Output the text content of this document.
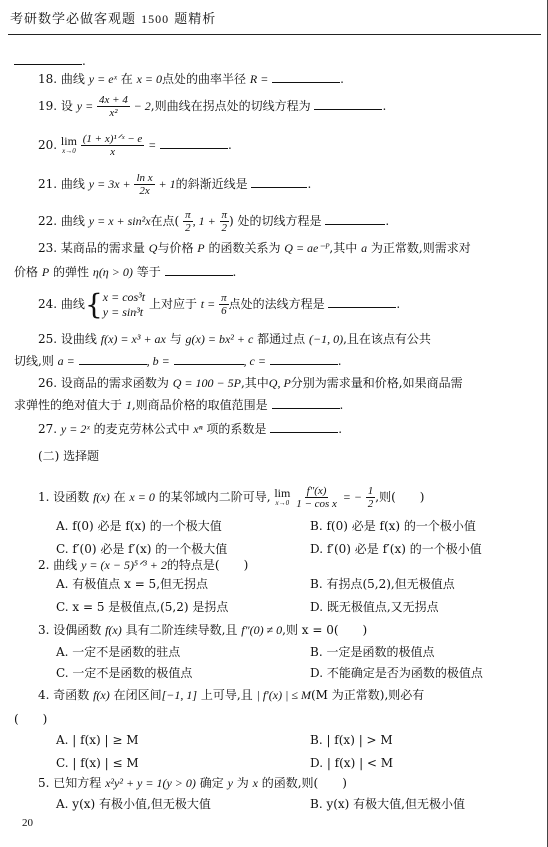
考研数学必做客观题 1500 题精析
.
18. 曲线 y = eˣ 在 x = 0点处的曲率半径 R =	.
19. 设 $y = \frac{4x + 4}{\text{x²}} - 2$,则曲线在拐点处的切线方程为	.
20. lim
x→0
$\frac{\text{(1 + x)¹ᐟˣ − e}}{x}$ =	.
21. 曲线 $y = 3x + \frac{\text{ln x}}{2x} + 1$的斜渐近线是	.
22. 曲线 y = x + sin²x在点( $\frac{\pi}{2}$ , $1 + \frac{\pi}{2}$ ) 处的切线方程是	.
23. 某商品的需求量 Q与价格 P 的函数关系为 Q = ae⁻ᴾ,其中 a 为正常数,则需求对
价格 P 的弹性 η(η > 0) 等于	.
24. 曲线{ x = cos³t
y = sin³t
上对应于 $t = \frac{\pi}{6}$ 点处的法线方程是	.
25. 设曲线 f(x) = x³ + ax 与 g(x) = bx² + c 都通过点 (−1, 0),且在该点有公共
切线,则 a =	, b =	, c =	.
26. 设商品的需求函数为 Q = 100 − 5P,其中Q, P分别为需求量和价格,如果商品需
求弹性的绝对值大于 1,则商品价格的取值范围是	.
27. y = 2ˣ 的麦克劳林公式中 xⁿ 项的系数是	.
(二) 选择题
1. 设函数 f(x) 在 x = 0 的某邻域内二阶可导, lim
x→0
$\frac{f''(x)}{\text{1 − cos x}}$ = − $\frac{1}{2}$ ,则(　　)
A. f(0) 必是 f(x) 的一个极大值	B. f(0) 必是 f(x) 的一个极小值
C. f′(0) 必是 f′(x) 的一个极大值	D. f′(0) 必是 f′(x) 的一个极小值
2. 曲线 y = (x − 5)⁵ᐟ³ + 2的特点是(　　)
A. 有极值点 x = 5,但无拐点	B. 有拐点(5,2),但无极值点
C. x = 5 是极值点,(5,2) 是拐点	D. 既无极值点,又无拐点
3. 设偶函数 f(x) 具有二阶连续导数,且 f″(0) ≠ 0,则 x = 0(　　)
A. 一定不是函数的驻点	B. 一定是函数的极值点
C. 一定不是函数的极值点	D. 不能确定是否为函数的极值点
4. 奇函数 f(x) 在闭区间[−1, 1] 上可导,且 | f′(x) | ≤ M(M 为正常数),则必有
(　　)
A. | f(x) | ≥ M	B. | f(x) | > M
C. | f(x) | ≤ M	D. | f(x) | < M
5. 已知方程 x²y² + y = 1(y > 0) 确定 y 为 x 的函数,则(　　)
A. y(x) 有极小值,但无极大值	B. y(x) 有极大值,但无极小值
20
